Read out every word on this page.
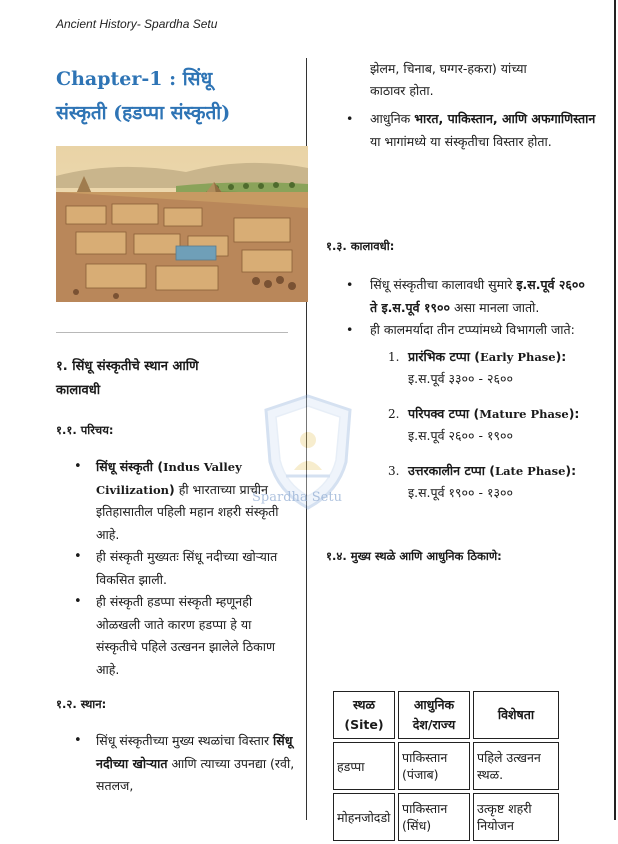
Ancient History- Spardha Setu
Spardha Setu
Chapter-1 : सिंधू
संस्कृती (हडप्पा संस्कृती)
१. सिंधू संस्कृतीचे स्थान आणि
कालावधी
१.१. परिचय:
• सिंधू संस्कृती (Indus Valley Civilization) ही भारताच्या प्राचीन इतिहासातील पहिली महान शहरी संस्कृती आहे.
• ही संस्कृती मुख्यतः सिंधू नदीच्या खोऱ्यात विकसित झाली.
• ही संस्कृती हडप्पा संस्कृती म्हणूनही ओळखली जाते कारण हडप्पा हे या संस्कृतीचे पहिले उत्खनन झालेले ठिकाण आहे.
१.२. स्थान:
• सिंधू संस्कृतीच्या मुख्य स्थळांचा विस्तार सिंधू नदीच्या खोऱ्यात आणि त्याच्या उपनद्या (रवी, सतलज,
झेलम, चिनाब, घग्गर-हकरा) यांच्या
काठावर होता.
• आधुनिक भारत, पाकिस्तान, आणि अफगाणिस्तान या भागांमध्ये या संस्कृतीचा विस्तार होता.
१.३. कालावधी:
• सिंधू संस्कृतीचा कालावधी सुमारे इ.स.पूर्व २६०० ते इ.स.पूर्व १९०० असा मानला जातो.
• ही कालमर्यादा तीन टप्प्यांमध्ये विभागली जाते:
1. प्रारंभिक टप्पा (Early Phase): इ.स.पूर्व ३३०० - २६००
2. परिपक्व टप्पा (Mature Phase): इ.स.पूर्व २६०० - १९००
3. उत्तरकालीन टप्पा (Late Phase): इ.स.पूर्व १९०० - १३००
१.४. मुख्य स्थळे आणि आधुनिक ठिकाणे:
स्थळ (Site)	आधुनिक देश/राज्य	विशेषता
हडप्पा	पाकिस्तान (पंजाब)	पहिले उत्खनन स्थळ.
मोहनजोदडो	पाकिस्तान (सिंध)	उत्कृष्ट शहरी नियोजन
